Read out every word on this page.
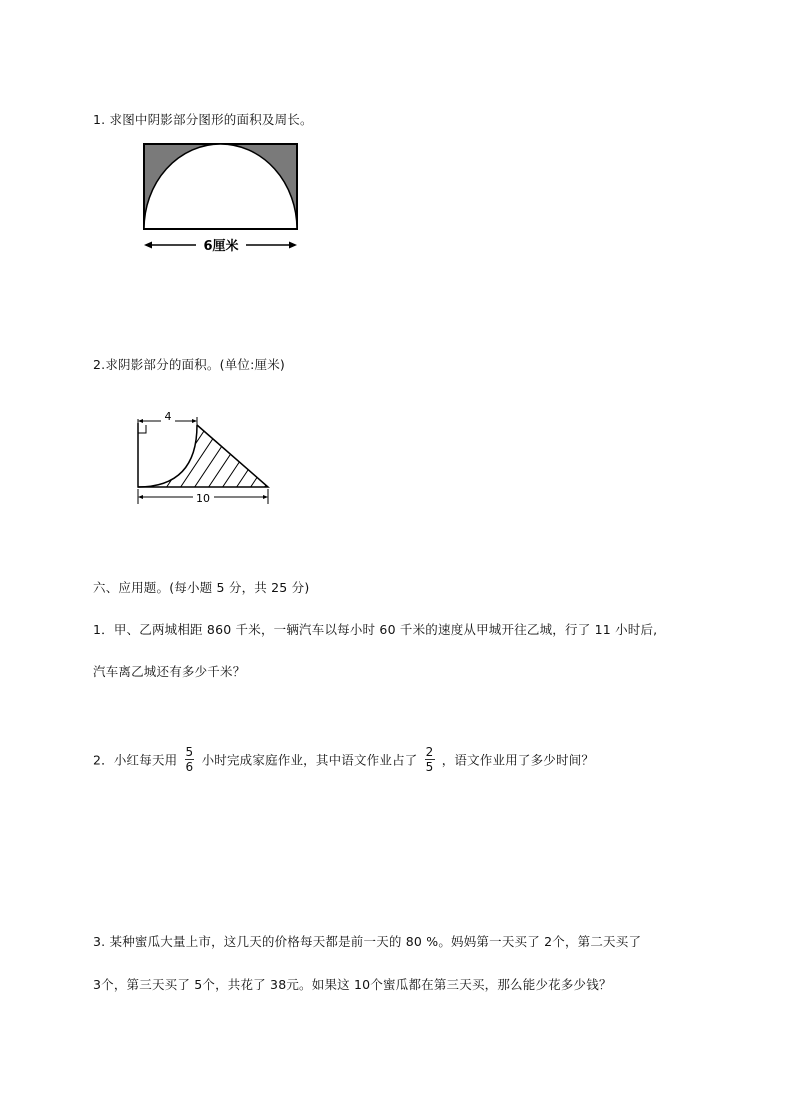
1. 求图中阴影部分图形的面积及周长。
6厘米
2.求阴影部分的面积。(单位:厘米)
4
10
六、应用题。(每小题 5 分，共 25 分)
1．甲、乙两城相距 860 千米，一辆汽车以每小时 60 千米的速度从甲城开往乙城，行了 11 小时后,
汽车离乙城还有多少千米？
2．小红每天用 $\frac{5}{6}$ 小时完成家庭作业，其中语文作业占了 $\frac{2}{5}$ ，语文作业用了多少时间？
3. 某种蜜瓜大量上市，这几天的价格每天都是前一天的 80 %。妈妈第一天买了 2个，第二天买了
3个，第三天买了 5个，共花了 38元。如果这 10个蜜瓜都在第三天买，那么能少花多少钱？
